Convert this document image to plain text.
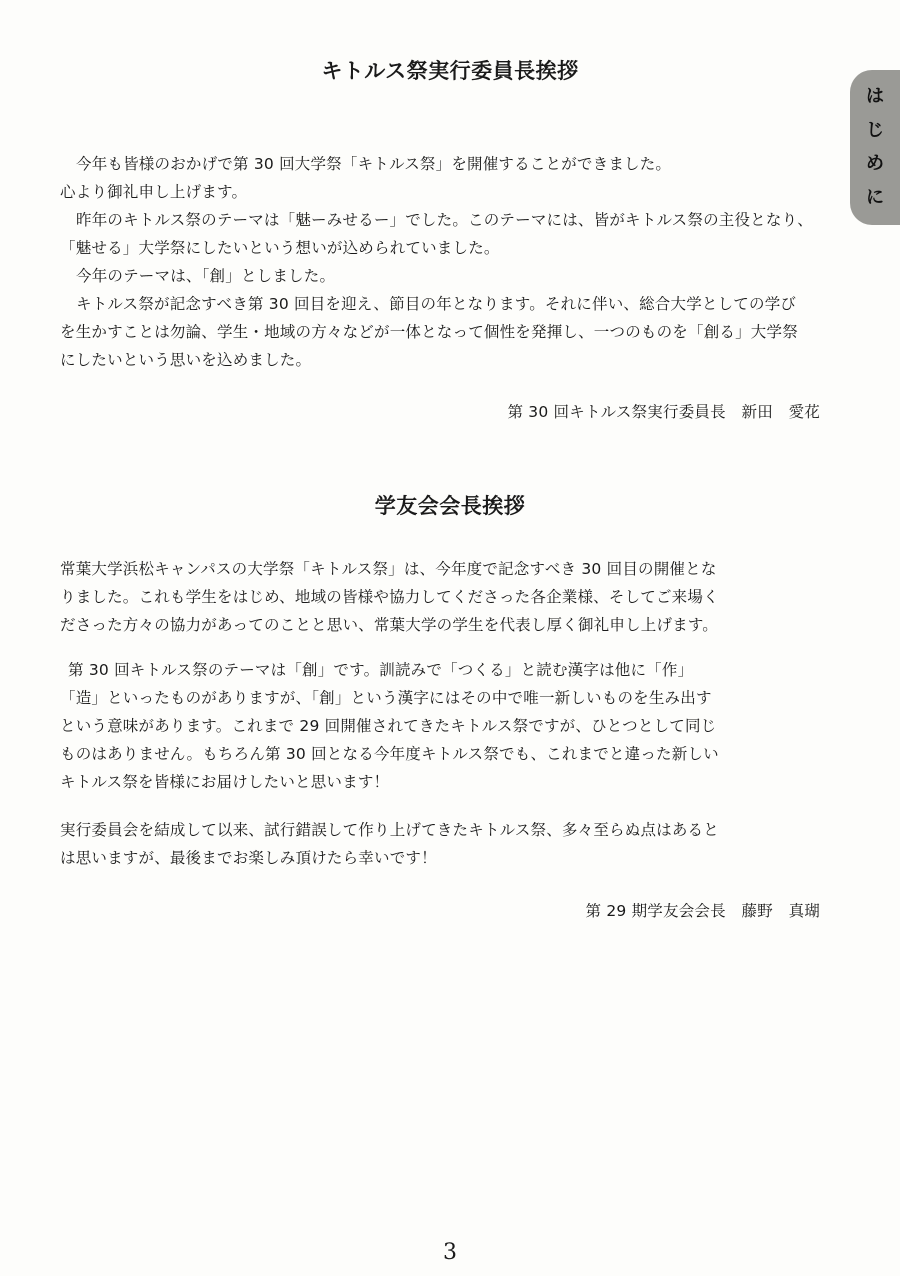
は
じ
め
に
キトルス祭実行委員長挨拶
今年も皆様のおかげで第 30 回大学祭「キトルス祭」を開催することができました。
心より御礼申し上げます。
昨年のキトルス祭のテーマは「魅ーみせるー」でした。このテーマには、皆がキトルス祭の主役となり、
「魅せる」大学祭にしたいという想いが込められていました。
今年のテーマは、「創」としました。
キトルス祭が記念すべき第 30 回目を迎え、節目の年となります。それに伴い、総合大学としての学び
を生かすことは勿論、学生・地域の方々などが一体となって個性を発揮し、一つのものを「創る」大学祭
にしたいという思いを込めました。
第 30 回キトルス祭実行委員長　新田　愛花
学友会会長挨拶
常葉大学浜松キャンパスの大学祭「キトルス祭」は、今年度で記念すべき 30 回目の開催とな
りました。これも学生をはじめ、地域の皆様や協力してくださった各企業様、そしてご来場く
ださった方々の協力があってのことと思い、常葉大学の学生を代表し厚く御礼申し上げます。
第 30 回キトルス祭のテーマは「創」です。訓読みで「つくる」と読む漢字は他に「作」
「造」といったものがありますが、「創」という漢字にはその中で唯一新しいものを生み出す
という意味があります。これまで 29 回開催されてきたキトルス祭ですが、ひとつとして同じ
ものはありません。もちろん第 30 回となる今年度キトルス祭でも、これまでと違った新しい
キトルス祭を皆様にお届けしたいと思います！
実行委員会を結成して以来、試行錯誤して作り上げてきたキトルス祭、多々至らぬ点はあると
は思いますが、最後までお楽しみ頂けたら幸いです！
第 29 期学友会会長　藤野　真瑚
3
